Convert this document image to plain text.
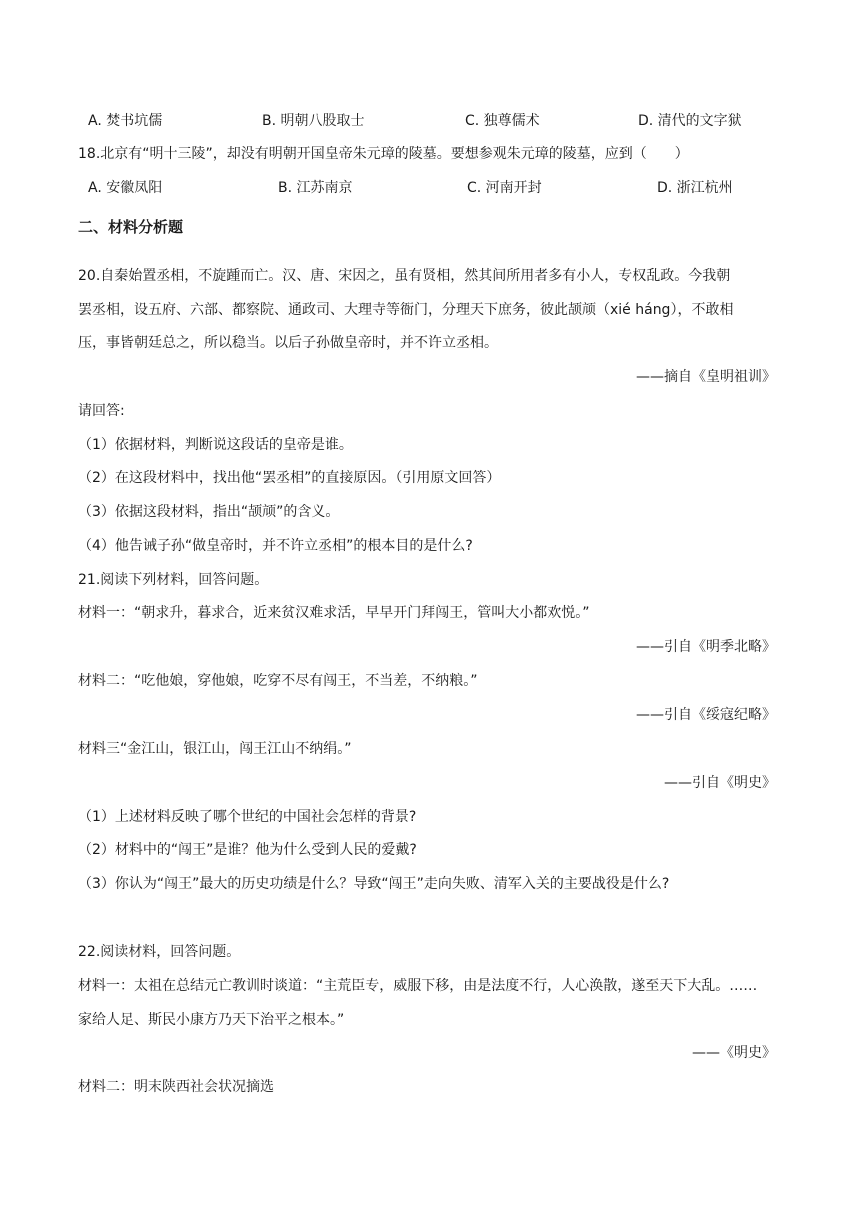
A. 焚书坑儒	B. 明朝八股取士	C. 独尊儒术	D. 清代的文字狱
18.北京有“明十三陵”，却没有明朝开国皇帝朱元璋的陵墓。要想参观朱元璋的陵墓，应到（　　）
A. 安徽凤阳	B. 江苏南京	C. 河南开封	D. 浙江杭州
二、材料分析题
20.自秦始置丞相，不旋踵而亡。汉、唐、宋因之，虽有贤相，然其间所用者多有小人，专权乱政。今我朝
罢丞相，设五府、六部、都察院、通政司、大理寺等衙门，分理天下庶务，彼此颉颃（xié háng），不敢相
压，事皆朝廷总之，所以稳当。以后子孙做皇帝时，并不许立丞相。
——摘自《皇明祖训》
请回答:
（1）依据材料，判断说这段话的皇帝是谁。
（2）在这段材料中，找出他“罢丞相”的直接原因。（引用原文回答）
（3）依据这段材料，指出“颉颃”的含义。
（4）他告诫子孙“做皇帝时，并不许立丞相”的根本目的是什么?
21.阅读下列材料，回答问题。
材料一：“朝求升，暮求合，近来贫汉难求活，早早开门拜闯王，管叫大小都欢悦。”
——引自《明季北略》
材料二：“吃他娘，穿他娘，吃穿不尽有闯王，不当差，不纳粮。”
——引自《绥寇纪略》
材料三“金江山，银江山，闯王江山不纳绢。”
——引自《明史》
（1）上述材料反映了哪个世纪的中国社会怎样的背景?
（2）材料中的“闯王”是谁？他为什么受到人民的爱戴?
（3）你认为“闯王”最大的历史功绩是什么？导致“闯王”走向失败、清军入关的主要战役是什么?
22.阅读材料，回答问题。
材料一：太祖在总结元亡教训时谈道：“主荒臣专，威服下移，由是法度不行，人心涣散，遂至天下大乱。……
家给人足、斯民小康方乃天下治平之根本。”
——《明史》
材料二：明末陕西社会状况摘选
